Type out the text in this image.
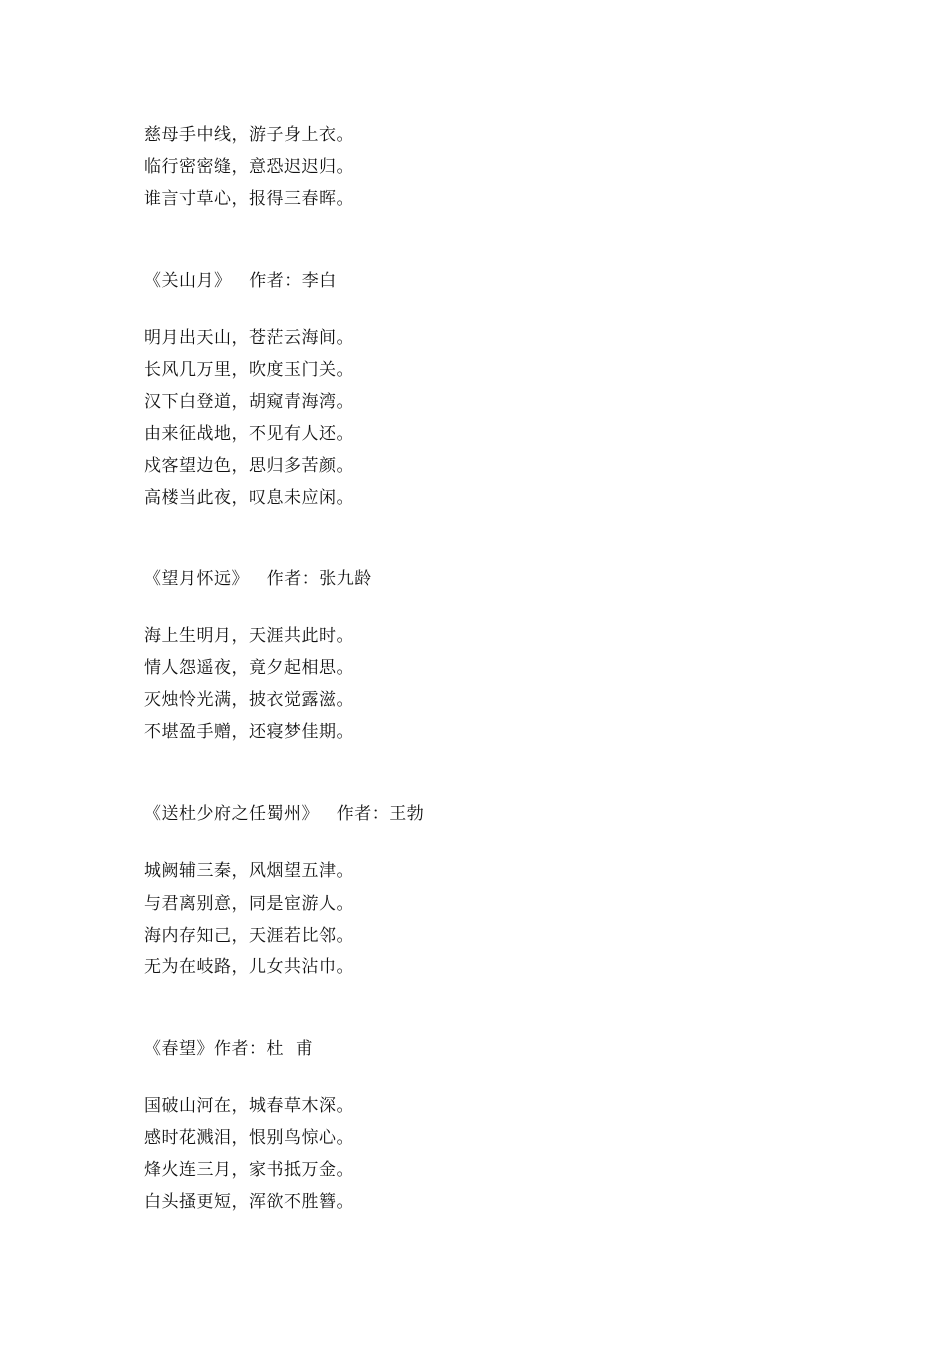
慈母手中线，游子身上衣。
临行密密缝，意恐迟迟归。
谁言寸草心，报得三春晖。
《关山月》   作者：李白
明月出天山，苍茫云海间。
长风几万里，吹度玉门关。
汉下白登道，胡窥青海湾。
由来征战地，不见有人还。
戍客望边色，思归多苦颜。
高楼当此夜，叹息未应闲。
《望月怀远》   作者：张九龄
海上生明月，天涯共此时。
情人怨遥夜，竟夕起相思。
灭烛怜光满，披衣觉露滋。
不堪盈手赠，还寝梦佳期。
《送杜少府之任蜀州》   作者：王勃
城阙辅三秦，风烟望五津。
与君离别意，同是宦游人。
海内存知己，天涯若比邻。
无为在岐路，儿女共沾巾。
《春望》作者：杜  甫
国破山河在，城春草木深。
感时花溅泪，恨别鸟惊心。
烽火连三月，家书抵万金。
白头搔更短，浑欲不胜簪。
